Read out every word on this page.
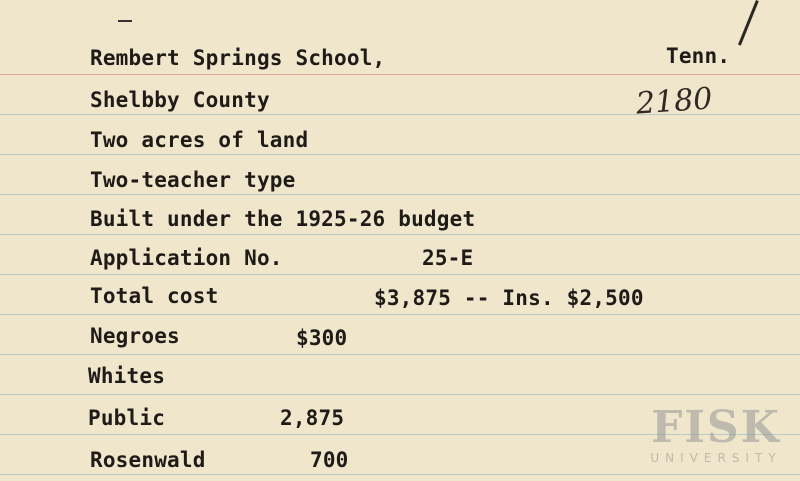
Rembert Springs School,	Tenn.
Shelbby County	2180
Two acres of land
Two-teacher type
Built under the 1925-26 budget
Application No.	25-E
Total cost	$3,875 -- Ins. $2,500
Negroes	$300
Whites
Public	2,875
Rosenwald	700
FISK
UNIVERSITY
